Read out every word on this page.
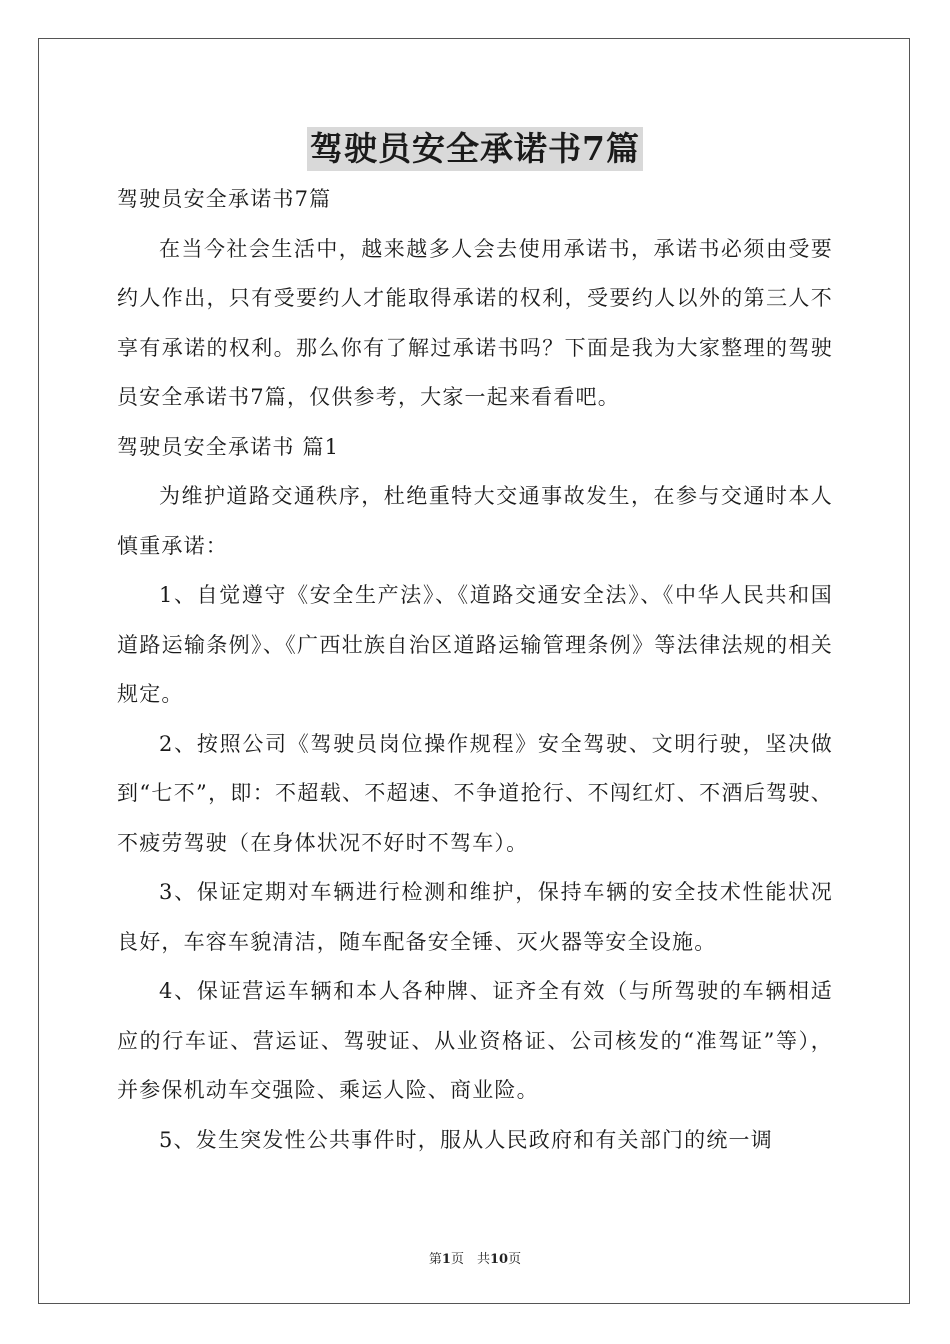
驾驶员安全承诺书7篇

驾驶员安全承诺书7篇

在当今社会生活中，越来越多人会去使用承诺书，承诺书必须由受要约人作出，只有受要约人才能取得承诺的权利，受要约人以外的第三人不享有承诺的权利。那么你有了解过承诺书吗？下面是我为大家整理的驾驶员安全承诺书7篇，仅供参考，大家一起来看看吧。

驾驶员安全承诺书 篇1

为维护道路交通秩序，杜绝重特大交通事故发生，在参与交通时本人慎重承诺：

1、自觉遵守《安全生产法》、《道路交通安全法》、《中华人民共和国道路运输条例》、《广西壮族自治区道路运输管理条例》等法律法规的相关规定。

2、按照公司《驾驶员岗位操作规程》安全驾驶、文明行驶，坚决做到“七不”，即：不超载、不超速、不争道抢行、不闯红灯、不酒后驾驶、不疲劳驾驶（在身体状况不好时不驾车）。

3、保证定期对车辆进行检测和维护，保持车辆的安全技术性能状况良好，车容车貌清洁，随车配备安全锤、灭火器等安全设施。

4、保证营运车辆和本人各种牌、证齐全有效（与所驾驶的车辆相适应的行车证、营运证、驾驶证、从业资格证、公司核发的“准驾证”等），并参保机动车交强险、乘运人险、商业险。

5、发生突发性公共事件时，服从人民政府和有关部门的统一调

第1页　共10页
